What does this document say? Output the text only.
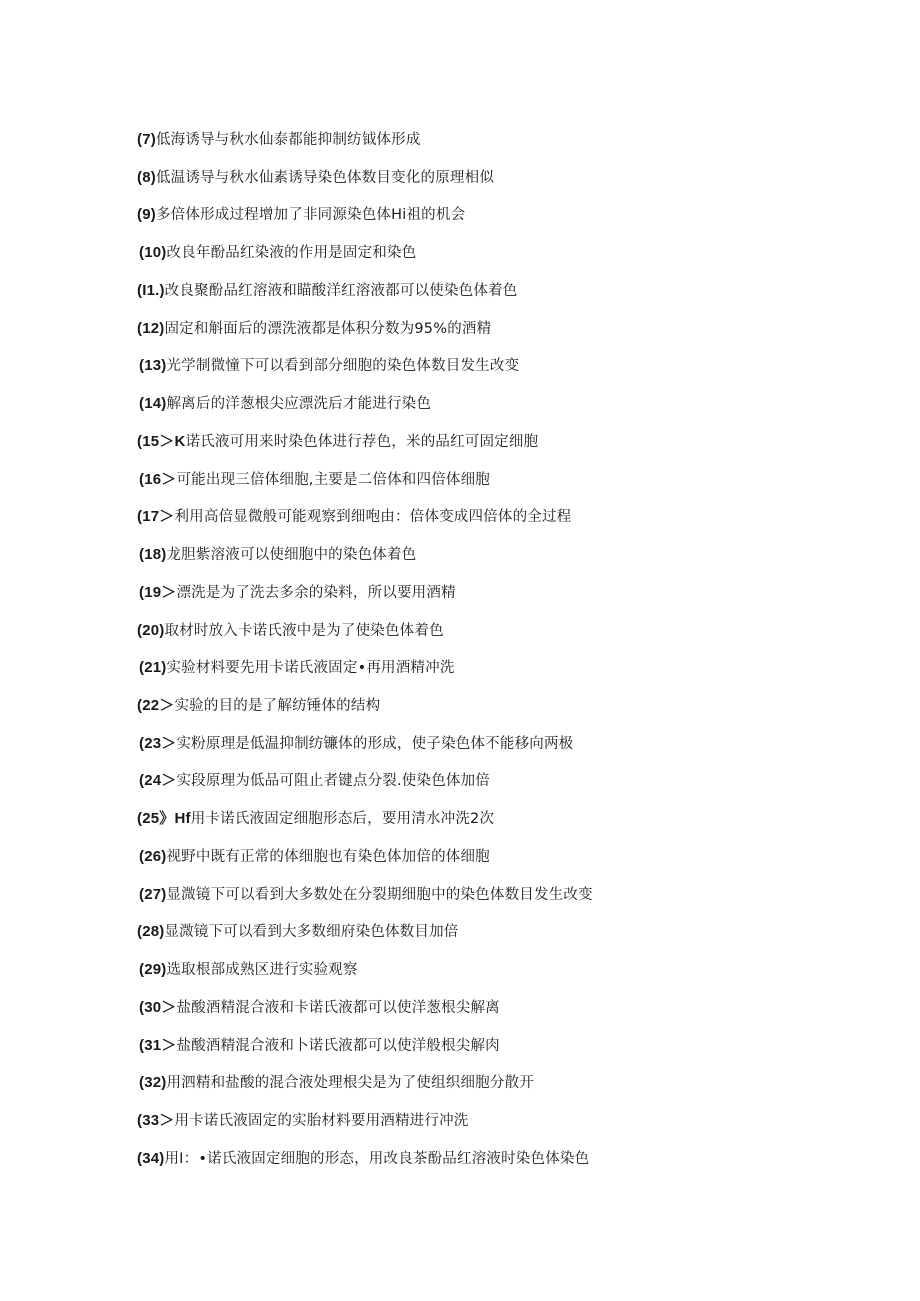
(7)低海诱导与秋水仙泰都能抑制纺钺体形成
(8)低温诱导与秋水仙素诱导染色体数目变化的原理相似
(9)多倍体形成过程增加了非同源染色体Hi祖的机会
(10)改良年酚品红染液的作用是固定和染色
(I1.)改良聚酚品红溶液和瞄酸洋红溶液都可以使染色体着色
(12)固定和斛面后的漂洗液都是体积分数为95%的酒精
(13)光学制微憧下可以看到部分细胞的染色体数目发生改变
(14)解离后的洋葱根尖应漂洗后才能进行染色
(15＞K诺氏液可用来时染色体进行荐色，米的品红可固定细胞
(16＞可能出现三倍体细胞,主要是二倍体和四倍体细胞
(17＞利用高倍显微般可能观察到细咆由：倍体变成四倍体的全过程
(18)龙胆紫溶液可以使细胞中的染色体着色
(19＞漂洗是为了洗去多余的染料，所以要用酒精
(20)取材时放入卡诺氏液中是为了使染色体着色
(21)实验材料要先用卡诺氏液固定•再用酒精冲洗
(22＞实验的目的是了解纺锤体的结构
(23＞实粉原理是低温抑制纺镰体的形成，使子染色体不能移向两极
(24＞实段原理为低品可阻止者键点分裂.使染色体加倍
(25》Hf用卡诺氏液固定细胞形态后，要用清水冲洗2次
(26)视野中既有正常的体细胞也有染色体加倍的体细胞
(27)显溦镜下可以看到大多数处在分裂期细胞中的染色体数目发生改变
(28)显溦镜下可以看到大多数细府染色体数目加倍
(29)选取根部成熟区进行实验观察
(30＞盐酸酒精混合液和卡诺氏液都可以使洋葱根尖解离
(31＞盐酸酒精混合液和卜诺氏液都可以使洋般根尖解肉
(32)用泗精和盐酸的混合液处理根尖是为了使组织细胞分散开
(33＞用卡诺氏液固定的实胎材料要用酒精进行冲洗
(34)用I：•诺氏液固定细胞的形态，用改良茶酚品红溶液时染色体染色
